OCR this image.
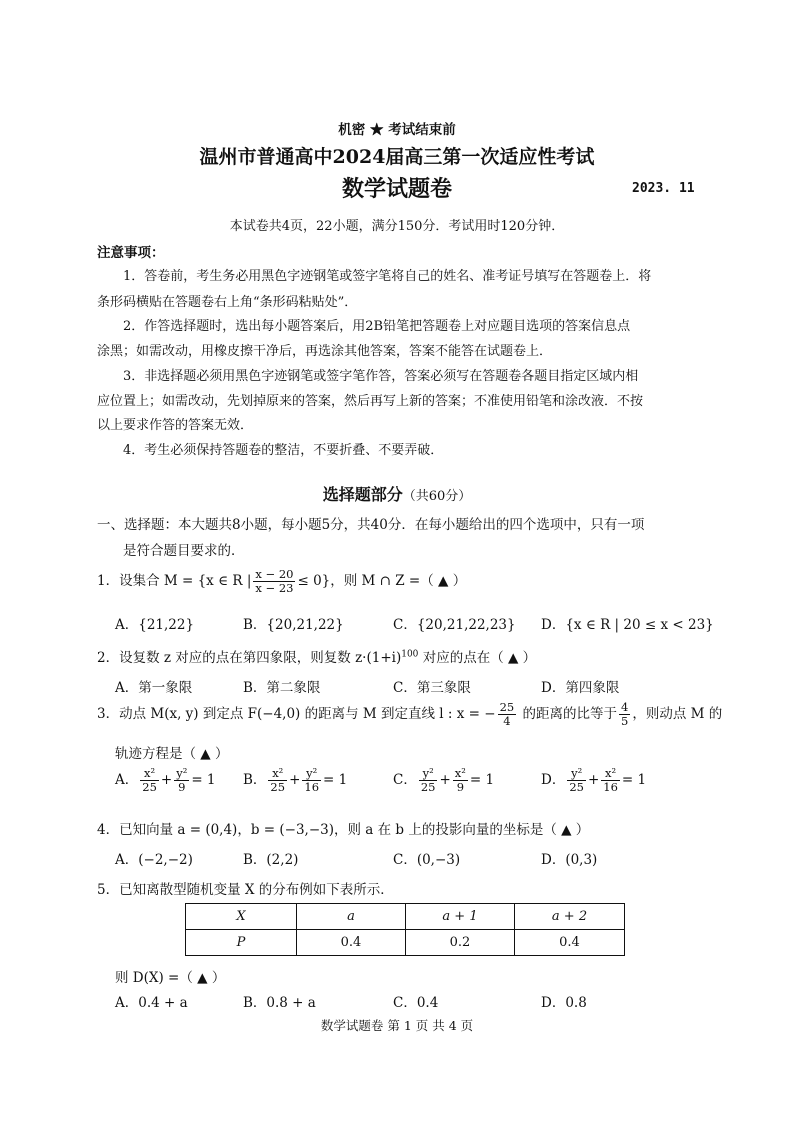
机密 ★ 考试结束前
温州市普通高中2024届高三第一次适应性考试
数学试题卷	2023. 11
本试卷共4页，22小题，满分150分．考试用时120分钟．
注意事项：
1．答卷前，考生务必用黑色字迹钢笔或签字笔将自己的姓名、准考证号填写在答题卷上．将
条形码横贴在答题卷右上角“条形码粘贴处”．
2．作答选择题时，选出每小题答案后，用2B铅笔把答题卷上对应题目选项的答案信息点
涂黑；如需改动，用橡皮擦干净后，再选涂其他答案，答案不能答在试题卷上．
3．非选择题必须用黑色字迹钢笔或签字笔作答，答案必须写在答题卷各题目指定区域内相
应位置上；如需改动，先划掉原来的答案，然后再写上新的答案；不准使用铅笔和涂改液．不按
以上要求作答的答案无效．
4．考生必须保持答题卷的整洁，不要折叠、不要弄破．
选择题部分（共60分）
一、选择题：本大题共8小题，每小题5分，共40分．在每小题给出的四个选项中，只有一项
是符合题目要求的．
1．设集合 M = {x ∈ R | $\frac{x - 20}{x - 23} \le 0$}，则 M ∩ Z =（ ▲ ）
A．{21,22}	B．{20,21,22}	C．{20,21,22,23} D．{x ∈ R | 20 ≤ x < 23}
2．设复数 z 对应的点在第四象限，则复数 $z\cdot(1+i)^{100}$ 对应的点在（ ▲ ）
A．第一象限	B．第二象限	C．第三象限	D．第四象限
3．动点 M(x, y) 到定点 F(−4,0) 的距离与 M 到定直线 l : x = − $\frac{25}{4}$ 的距离的比等于 $\frac{4}{5}$ ，则动点 M 的
轨迹方程是（ ▲ ）
A． $\frac{\text{x²}}{25} + \frac{\text{y²}}{9} = 1$ B． $\frac{\text{x²}}{25} + \frac{\text{y²}}{16} = 1$	C． $\frac{\text{y²}}{25} + \frac{\text{x²}}{9} = 1$	D． $\frac{\text{y²}}{25} + \frac{\text{x²}}{16} = 1$
4．已知向量 a = (0,4)，b = (−3,−3)，则 a 在 b 上的投影向量的坐标是（ ▲ ）
A．(−2,−2)	B．(2,2)	C．(0,−3)	D．(0,3)
5．已知离散型随机变量 X 的分布例如下表所示．
X	a	a + 1	a + 2
P	0.4	0.2	0.4
则 D(X) =（ ▲ ）
A．0.4 + a	B．0.8 + a	C．0.4	D．0.8
数学试题卷 第 1 页 共 4 页
